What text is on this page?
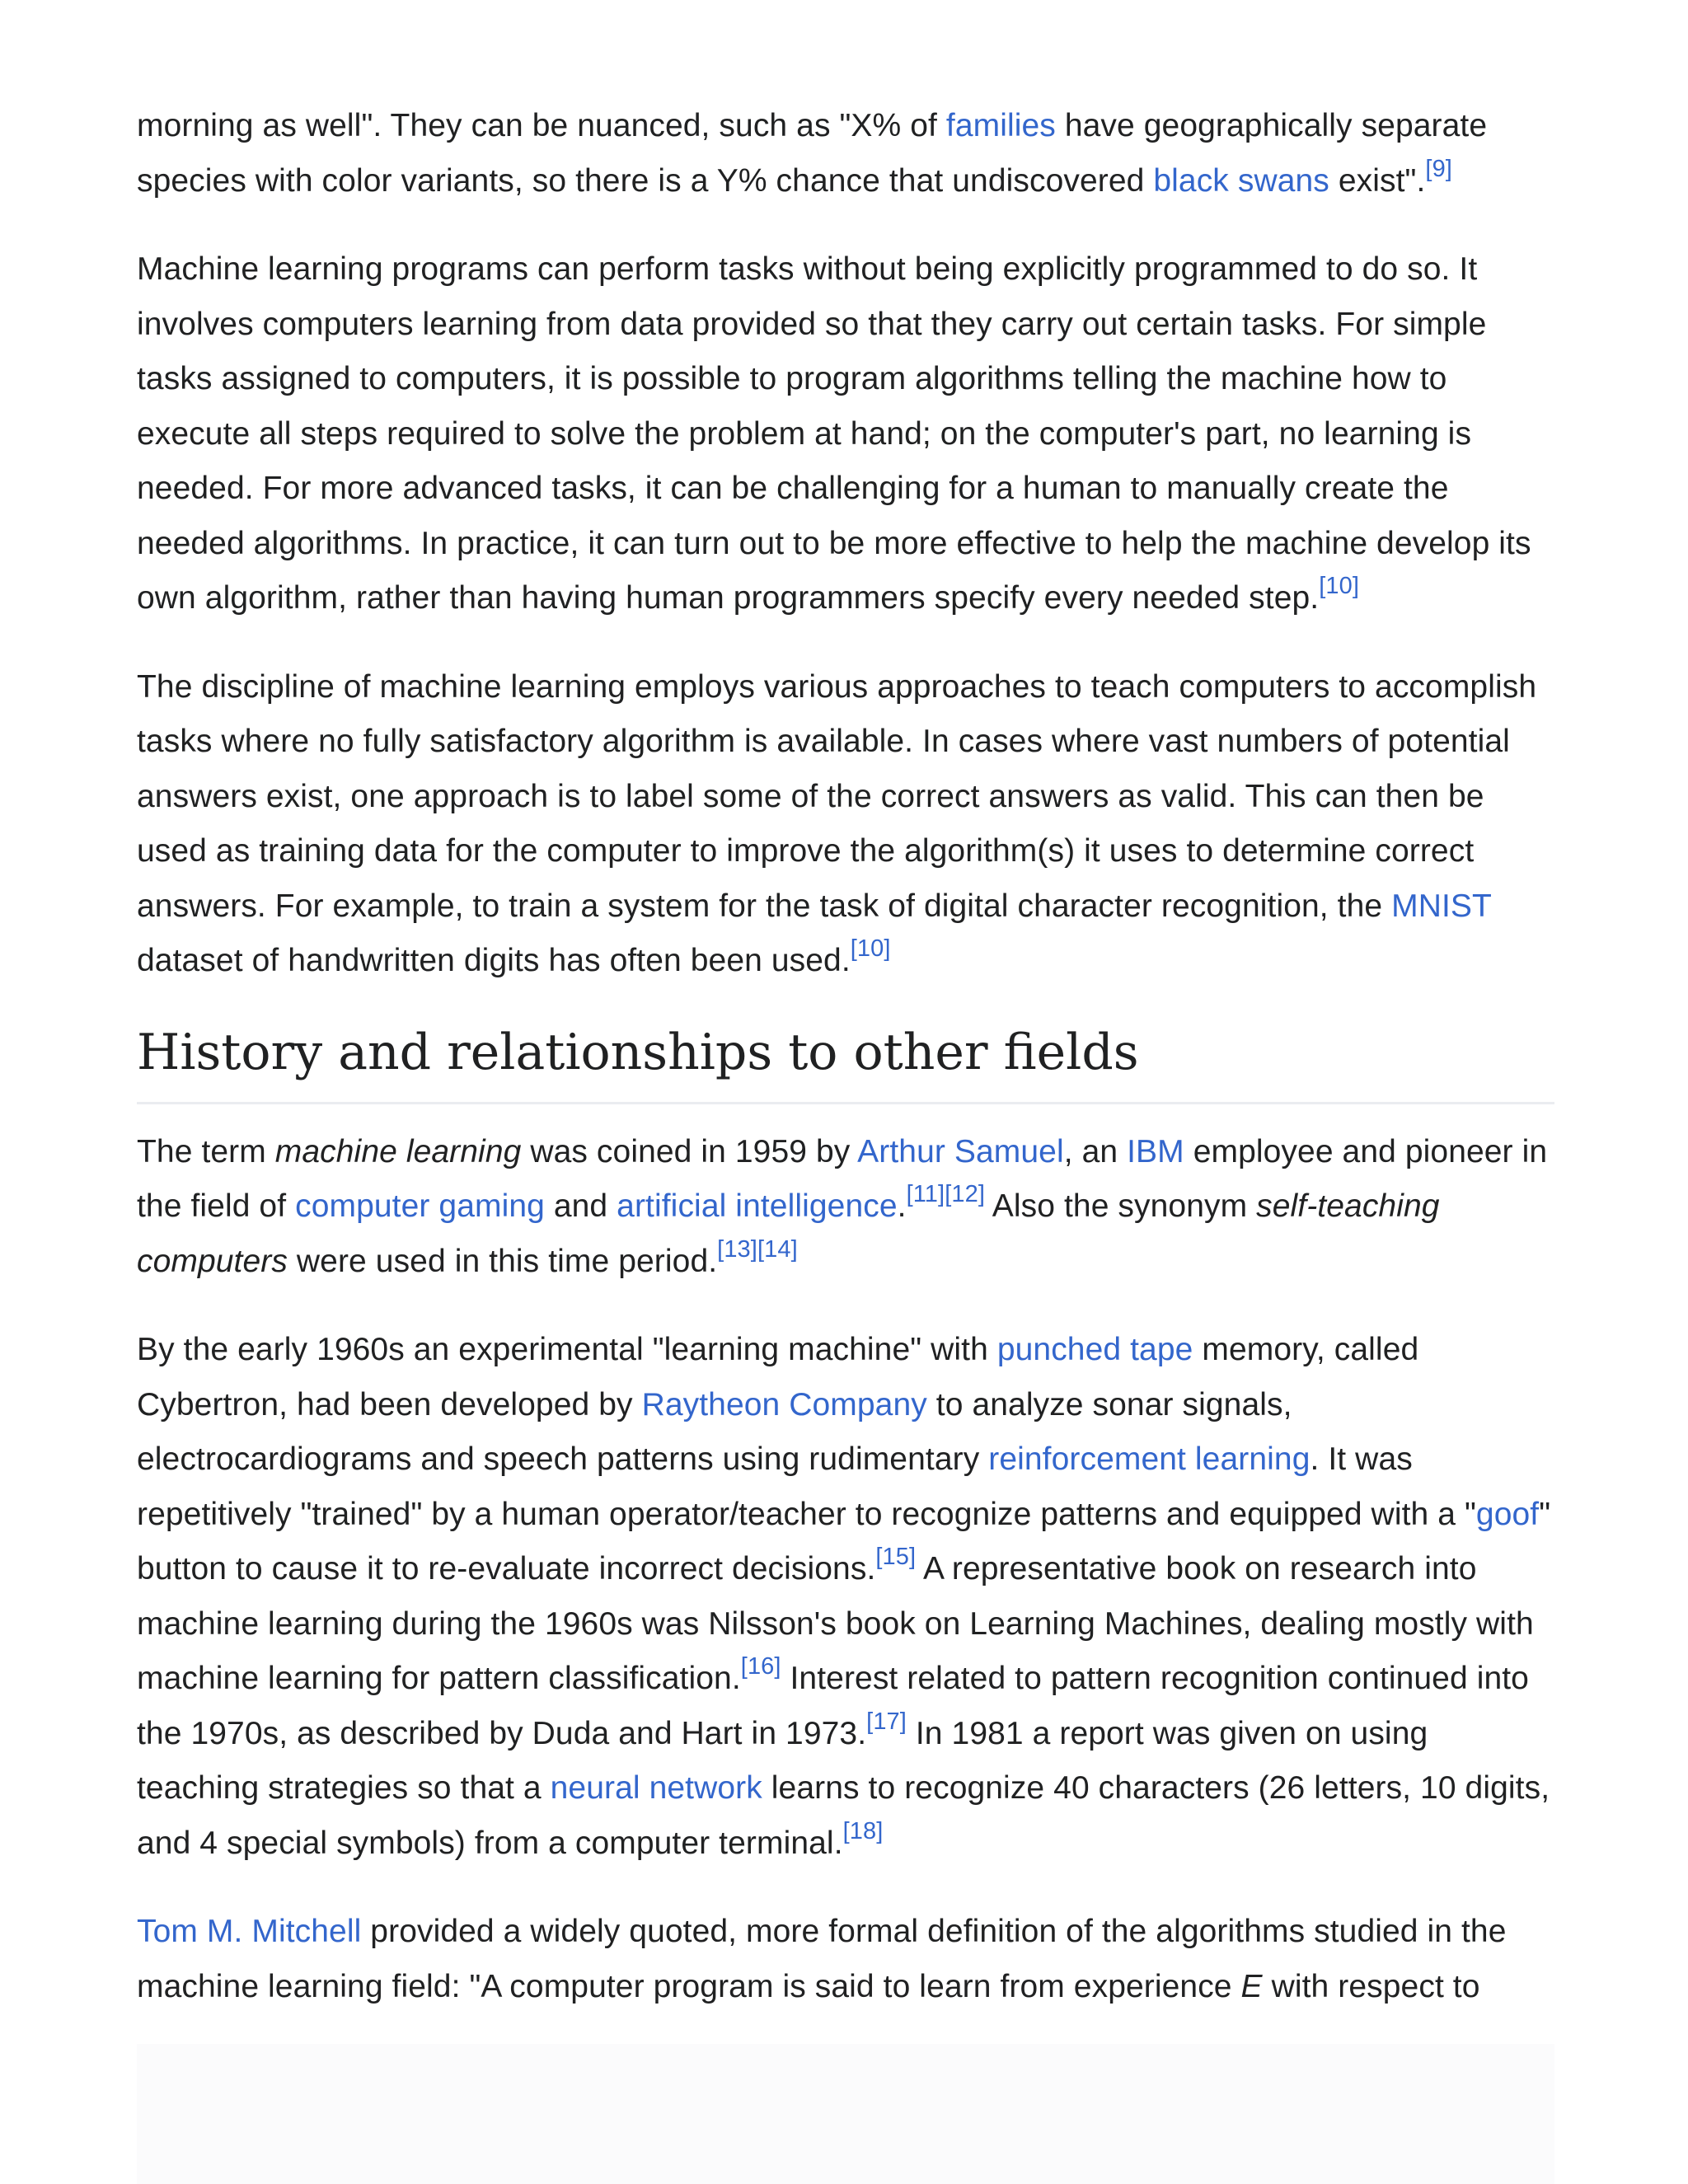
morning as well". They can be nuanced, such as "X% of families have geographically separate species with color variants, so there is a Y% chance that undiscovered black swans exist".[9]

Machine learning programs can perform tasks without being explicitly programmed to do so. It involves computers learning from data provided so that they carry out certain tasks. For simple tasks assigned to computers, it is possible to program algorithms telling the machine how to execute all steps required to solve the problem at hand; on the computer's part, no learning is needed. For more advanced tasks, it can be challenging for a human to manually create the needed algorithms. In practice, it can turn out to be more effective to help the machine develop its own algorithm, rather than having human programmers specify every needed step.[10]

The discipline of machine learning employs various approaches to teach computers to accomplish tasks where no fully satisfactory algorithm is available. In cases where vast numbers of potential answers exist, one approach is to label some of the correct answers as valid. This can then be used as training data for the computer to improve the algorithm(s) it uses to determine correct answers. For example, to train a system for the task of digital character recognition, the MNIST dataset of handwritten digits has often been used.[10]

History and relationships to other fields

The term machine learning was coined in 1959 by Arthur Samuel, an IBM employee and pioneer in the field of computer gaming and artificial intelligence.[11][12] Also the synonym self-teaching computers were used in this time period.[13][14]

By the early 1960s an experimental "learning machine" with punched tape memory, called Cybertron, had been developed by Raytheon Company to analyze sonar signals, electrocardiograms and speech patterns using rudimentary reinforcement learning. It was repetitively "trained" by a human operator/teacher to recognize patterns and equipped with a "goof" button to cause it to re-evaluate incorrect decisions.[15] A representative book on research into machine learning during the 1960s was Nilsson's book on Learning Machines, dealing mostly with machine learning for pattern classification.[16] Interest related to pattern recognition continued into the 1970s, as described by Duda and Hart in 1973.[17] In 1981 a report was given on using teaching strategies so that a neural network learns to recognize 40 characters (26 letters, 10 digits, and 4 special symbols) from a computer terminal.[18]

Tom M. Mitchell provided a widely quoted, more formal definition of the algorithms studied in the machine learning field: "A computer program is said to learn from experience E with respect to
